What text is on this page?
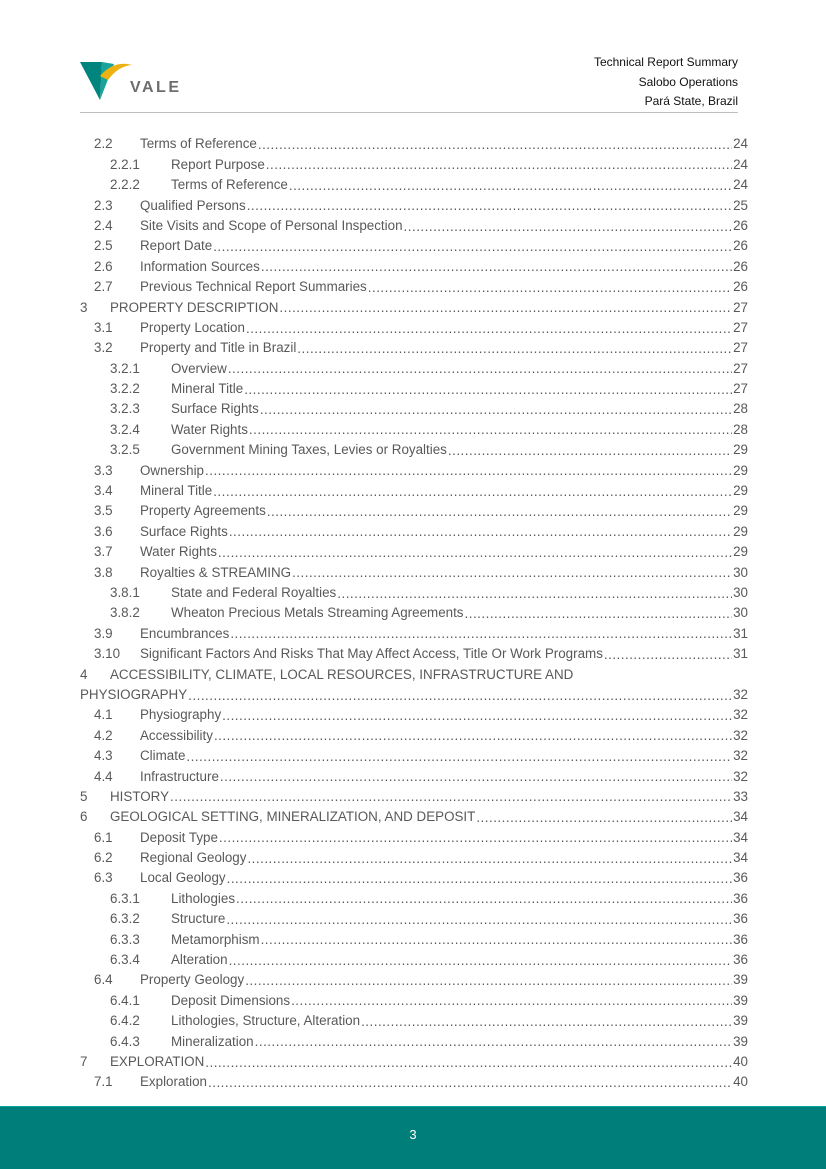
VALE
Technical Report Summary
Salobo Operations
Pará State, Brazil
2.2	Terms of Reference .....	24
2.2.1	Report Purpose .....	24
2.2.2	Terms of Reference .....	24
2.3	Qualified Persons .....	25
2.4	Site Visits and Scope of Personal Inspection .....	26
2.5	Report Date .....	26
2.6	Information Sources .....	26
2.7	Previous Technical Report Summaries .....	26
3	PROPERTY DESCRIPTION .....	27
3.1	Property Location .....	27
3.2	Property and Title in Brazil .....	27
3.2.1	Overview .....	27
3.2.2	Mineral Title .....	27
3.2.3	Surface Rights .....	28
3.2.4	Water Rights .....	28
3.2.5	Government Mining Taxes, Levies or Royalties .....	29
3.3	Ownership .....	29
3.4	Mineral Title .....	29
3.5	Property Agreements .....	29
3.6	Surface Rights .....	29
3.7	Water Rights .....	29
3.8	Royalties & STREAMING .....	30
3.8.1	State and Federal Royalties .....	30
3.8.2	Wheaton Precious Metals Streaming Agreements .....	30
3.9	Encumbrances .....	31
3.10	Significant Factors And Risks That May Affect Access, Title Or Work Programs .....	31
4	ACCESSIBILITY, CLIMATE, LOCAL RESOURCES, INFRASTRUCTURE AND
PHYSIOGRAPHY .....	32
4.1	Physiography .....	32
4.2	Accessibility .....	32
4.3	Climate .....	32
4.4	Infrastructure .....	32
5	HISTORY .....	33
6	GEOLOGICAL SETTING, MINERALIZATION, AND DEPOSIT .....	34
6.1	Deposit Type .....	34
6.2	Regional Geology .....	34
6.3	Local Geology .....	36
6.3.1	Lithologies .....	36
6.3.2	Structure .....	36
6.3.3	Metamorphism .....	36
6.3.4	Alteration .....	36
6.4	Property Geology .....	39
6.4.1	Deposit Dimensions .....	39
6.4.2	Lithologies, Structure, Alteration .....	39
6.4.3	Mineralization .....	39
7	EXPLORATION .....	40
7.1	Exploration .....	40
3
